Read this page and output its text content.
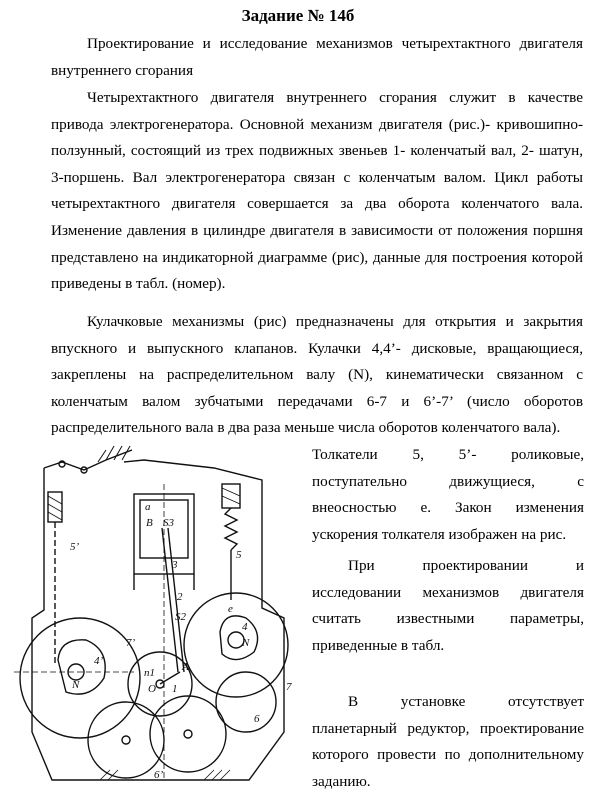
Задание № 14б

Проектирование и исследование механизмов четырехтактного двигателя внутреннего сгорания

Четырехтактного двигателя внутреннего сгорания служит в качестве привода электрогенератора. Основной механизм двигателя (рис.)- кривошипно-ползунный, состоящий из трех подвижных звеньев 1- коленчатый вал, 2- шатун, 3-поршень. Вал электрогенератора связан с коленчатым валом. Цикл работы четырехтактного двигателя совершается за два оборота коленчатого вала. Изменение давления в цилиндре двигателя в зависимости от положения поршня представлено на индикаторной диаграмме (рис), данные для построения которой приведены в табл. (номер).

Кулачковые механизмы (рис) предназначены для открытия и закрытия впускного и выпускного клапанов. Кулачки 4,4’- дисковые, вращающиеся, закреплены на распределительном валу (N), кинематически связанном с коленчатым валом зубчатыми передачами 6-7 и 6’-7’ (число оборотов распределительного вала в два раза меньше числа оборотов коленчатого вала).

Толкатели 5, 5’- роликовые, поступательно движущиеся, с внеосностью е. Закон изменения ускорения толкателя изображен на рис.

При проектировании и исследовании механизмов двигателя считать известными параметры, приведенные в табл.

В установке отсутствует планетарный редуктор, проектирование которого провести по дополнительному заданию.

a
B S3
3
2
S2
5’
5
7’
4’
N
4
N
e
O 1
A
n1
6
7
6’
